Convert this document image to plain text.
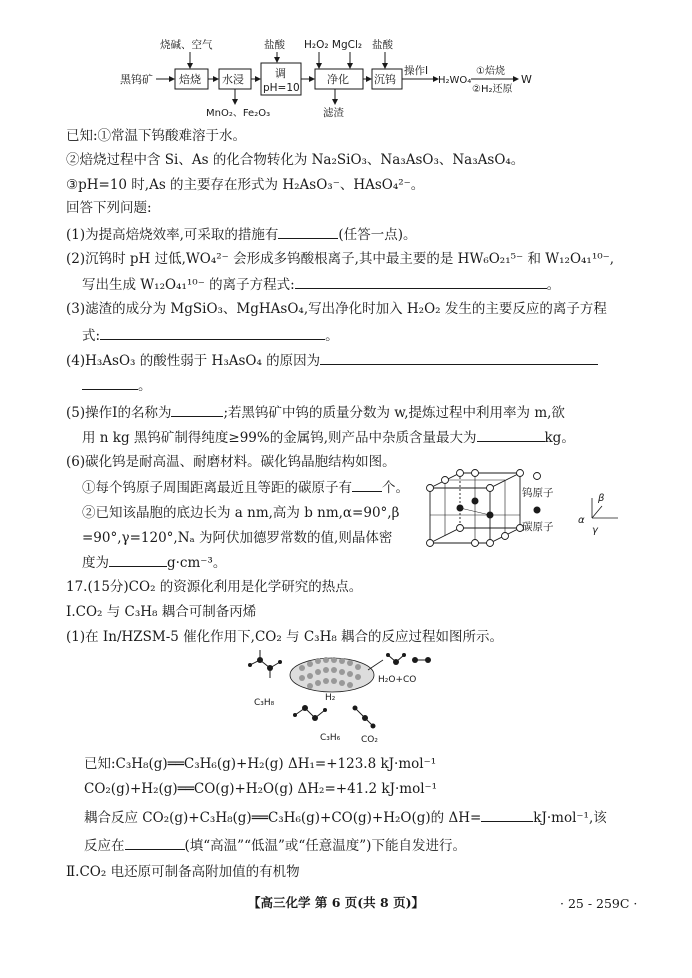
黑钨矿
烧碱、空气
焙烧 水浸
MnO₂、Fe₂O₃
盐酸
调
pH=10
H₂O₂ MgCl₂
净化
滤渣
盐酸
沉钨
操作Ⅰ
H₂WO₄
①焙烧
②H₂还原
W
已知:①常温下钨酸难溶于水。
②焙烧过程中含 Si、As 的化合物转化为 Na₂SiO₃、Na₃AsO₃、Na₃AsO₄。
③pH=10 时,As 的主要存在形式为 H₂AsO₃⁻、HAsO₄²⁻。
回答下列问题:
(1)为提高焙烧效率,可采取的措施有	(任答一点)。
(2)沉钨时 pH 过低,WO₄²⁻ 会形成多钨酸根离子,其中最主要的是 HW₆O₂₁⁵⁻ 和 W₁₂O₄₁¹⁰⁻,
写出生成 W₁₂O₄₁¹⁰⁻ 的离子方程式:	。
(3)滤渣的成分为 MgSiO₃、MgHAsO₄,写出净化时加入 H₂O₂ 发生的主要反应的离子方程
式:	。
(4)H₃AsO₃ 的酸性弱于 H₃AsO₄ 的原因为
。
(5)操作Ⅰ的名称为	;若黑钨矿中钨的质量分数为 w,提炼过程中利用率为 m,欲
用 n kg 黑钨矿制得纯度≥99%的金属钨,则产品中杂质含量最大为	kg。
(6)碳化钨是耐高温、耐磨材料。碳化钨晶胞结构如图。
①每个钨原子周围距离最近且等距的碳原子有 个。
②已知该晶胞的底边长为 a nm,高为 b nm,α=90°,β
=90°,γ=120°,Nₐ 为阿伏加德罗常数的值,则晶体密
度为	g·cm⁻³。
钨原子
碳原子
α
β
γ
17.(15分)CO₂ 的资源化利用是化学研究的热点。
Ⅰ.CO₂ 与 C₃H₈ 耦合可制备丙烯
(1)在 In/HZSM-5 催化作用下,CO₂ 与 C₃H₈ 耦合的反应过程如图所示。
C₃H₈
C₃H₆
H₂
CO₂
H₂O+CO
已知:C₃H₈(g)══C₃H₆(g)+H₂(g) ΔH₁=+123.8 kJ·mol⁻¹
CO₂(g)+H₂(g)══CO(g)+H₂O(g) ΔH₂=+41.2 kJ·mol⁻¹
耦合反应 CO₂(g)+C₃H₈(g)══C₃H₆(g)+CO(g)+H₂O(g)的 ΔH=	kJ·mol⁻¹,该
反应在	(填“高温”“低温”或“任意温度”)下能自发进行。
Ⅱ.CO₂ 电还原可制备高附加值的有机物
【高三化学 第 6 页(共 8 页)】	· 25 - 259C ·
